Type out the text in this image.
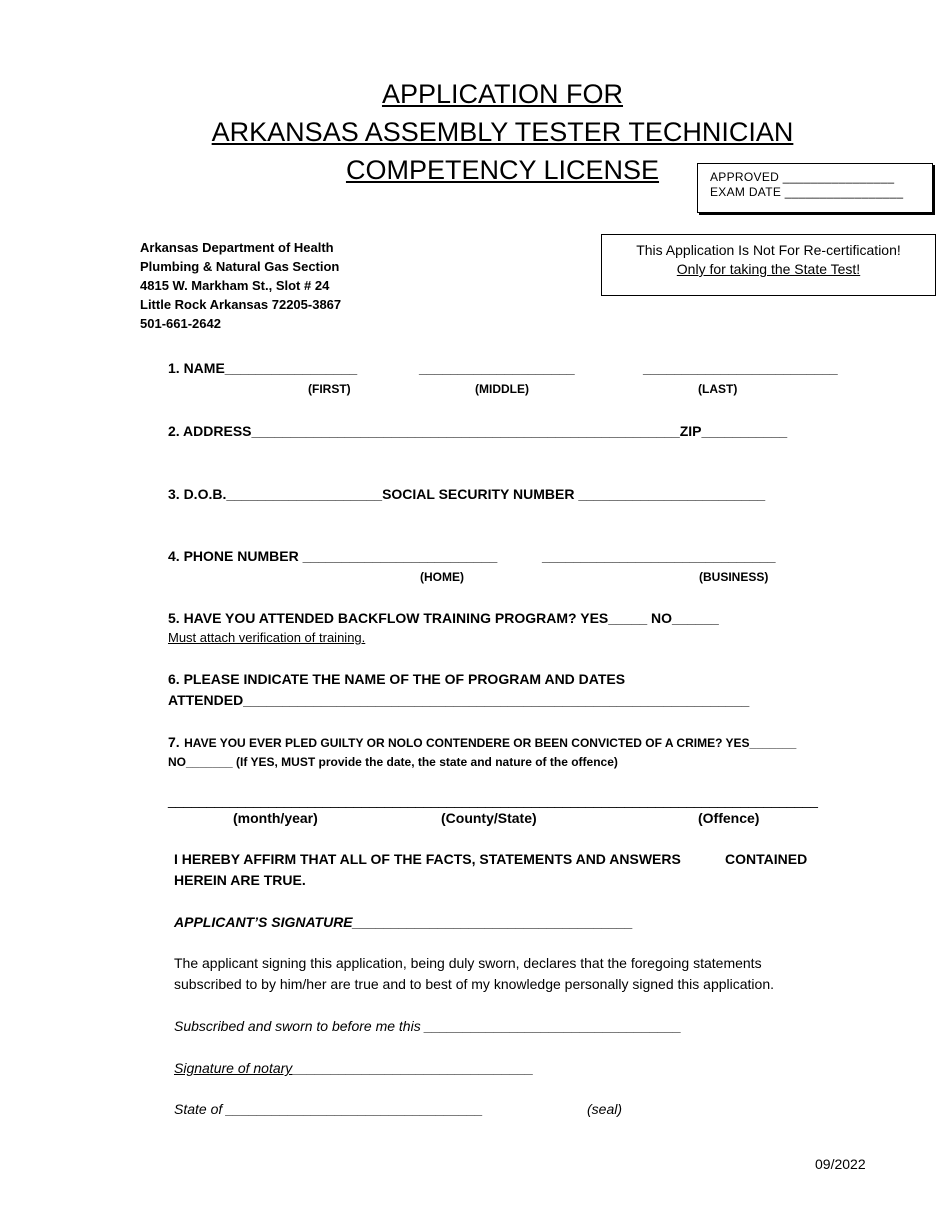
APPLICATION FOR
ARKANSAS ASSEMBLY TESTER TECHNICIAN
COMPETENCY LICENSE	APPROVED ________________
EXAM DATE _________________
This Application Is Not For Re-certification!
Only for taking the State Test!
Arkansas Department of Health
Plumbing & Natural Gas Section
4815 W. Markham St., Slot # 24
Little Rock Arkansas 72205-3867
501-661-2642
1. NAME_________________	____________________	_________________________
(FIRST)	(MIDDLE)	(LAST)
2. ADDRESS_______________________________________________________ZIP___________
3. D.O.B.____________________SOCIAL SECURITY NUMBER ________________________
4. PHONE NUMBER _________________________	______________________________
(HOME)	(BUSINESS)
5. HAVE YOU ATTENDED BACKFLOW TRAINING PROGRAM? YES_____ NO______
Must attach verification of training.
6. PLEASE INDICATE THE NAME OF THE OF PROGRAM AND DATES
ATTENDED_________________________________________________________________
7. HAVE YOU EVER PLED GUILTY OR NOLO CONTENDERE OR BEEN CONVICTED OF A CRIME? YES_______
NO_______ (If YES, MUST provide the date, the state and nature of the offence)
____________________________________________________________________________________
(month/year)	(County/State)	(Offence)
I HEREBY AFFIRM THAT ALL OF THE FACTS, STATEMENTS AND ANSWERS	CONTAINED
HEREIN ARE TRUE.
APPLICANT’S SIGNATURE____________________________________
The applicant signing this application, being duly sworn, declares that the foregoing statements
subscribed to by him/her are true and to best of my knowledge personally signed this application.
Subscribed and sworn to before me this _________________________________
Signature of notary_______________________________
State of _________________________________	(seal)
09/2022
